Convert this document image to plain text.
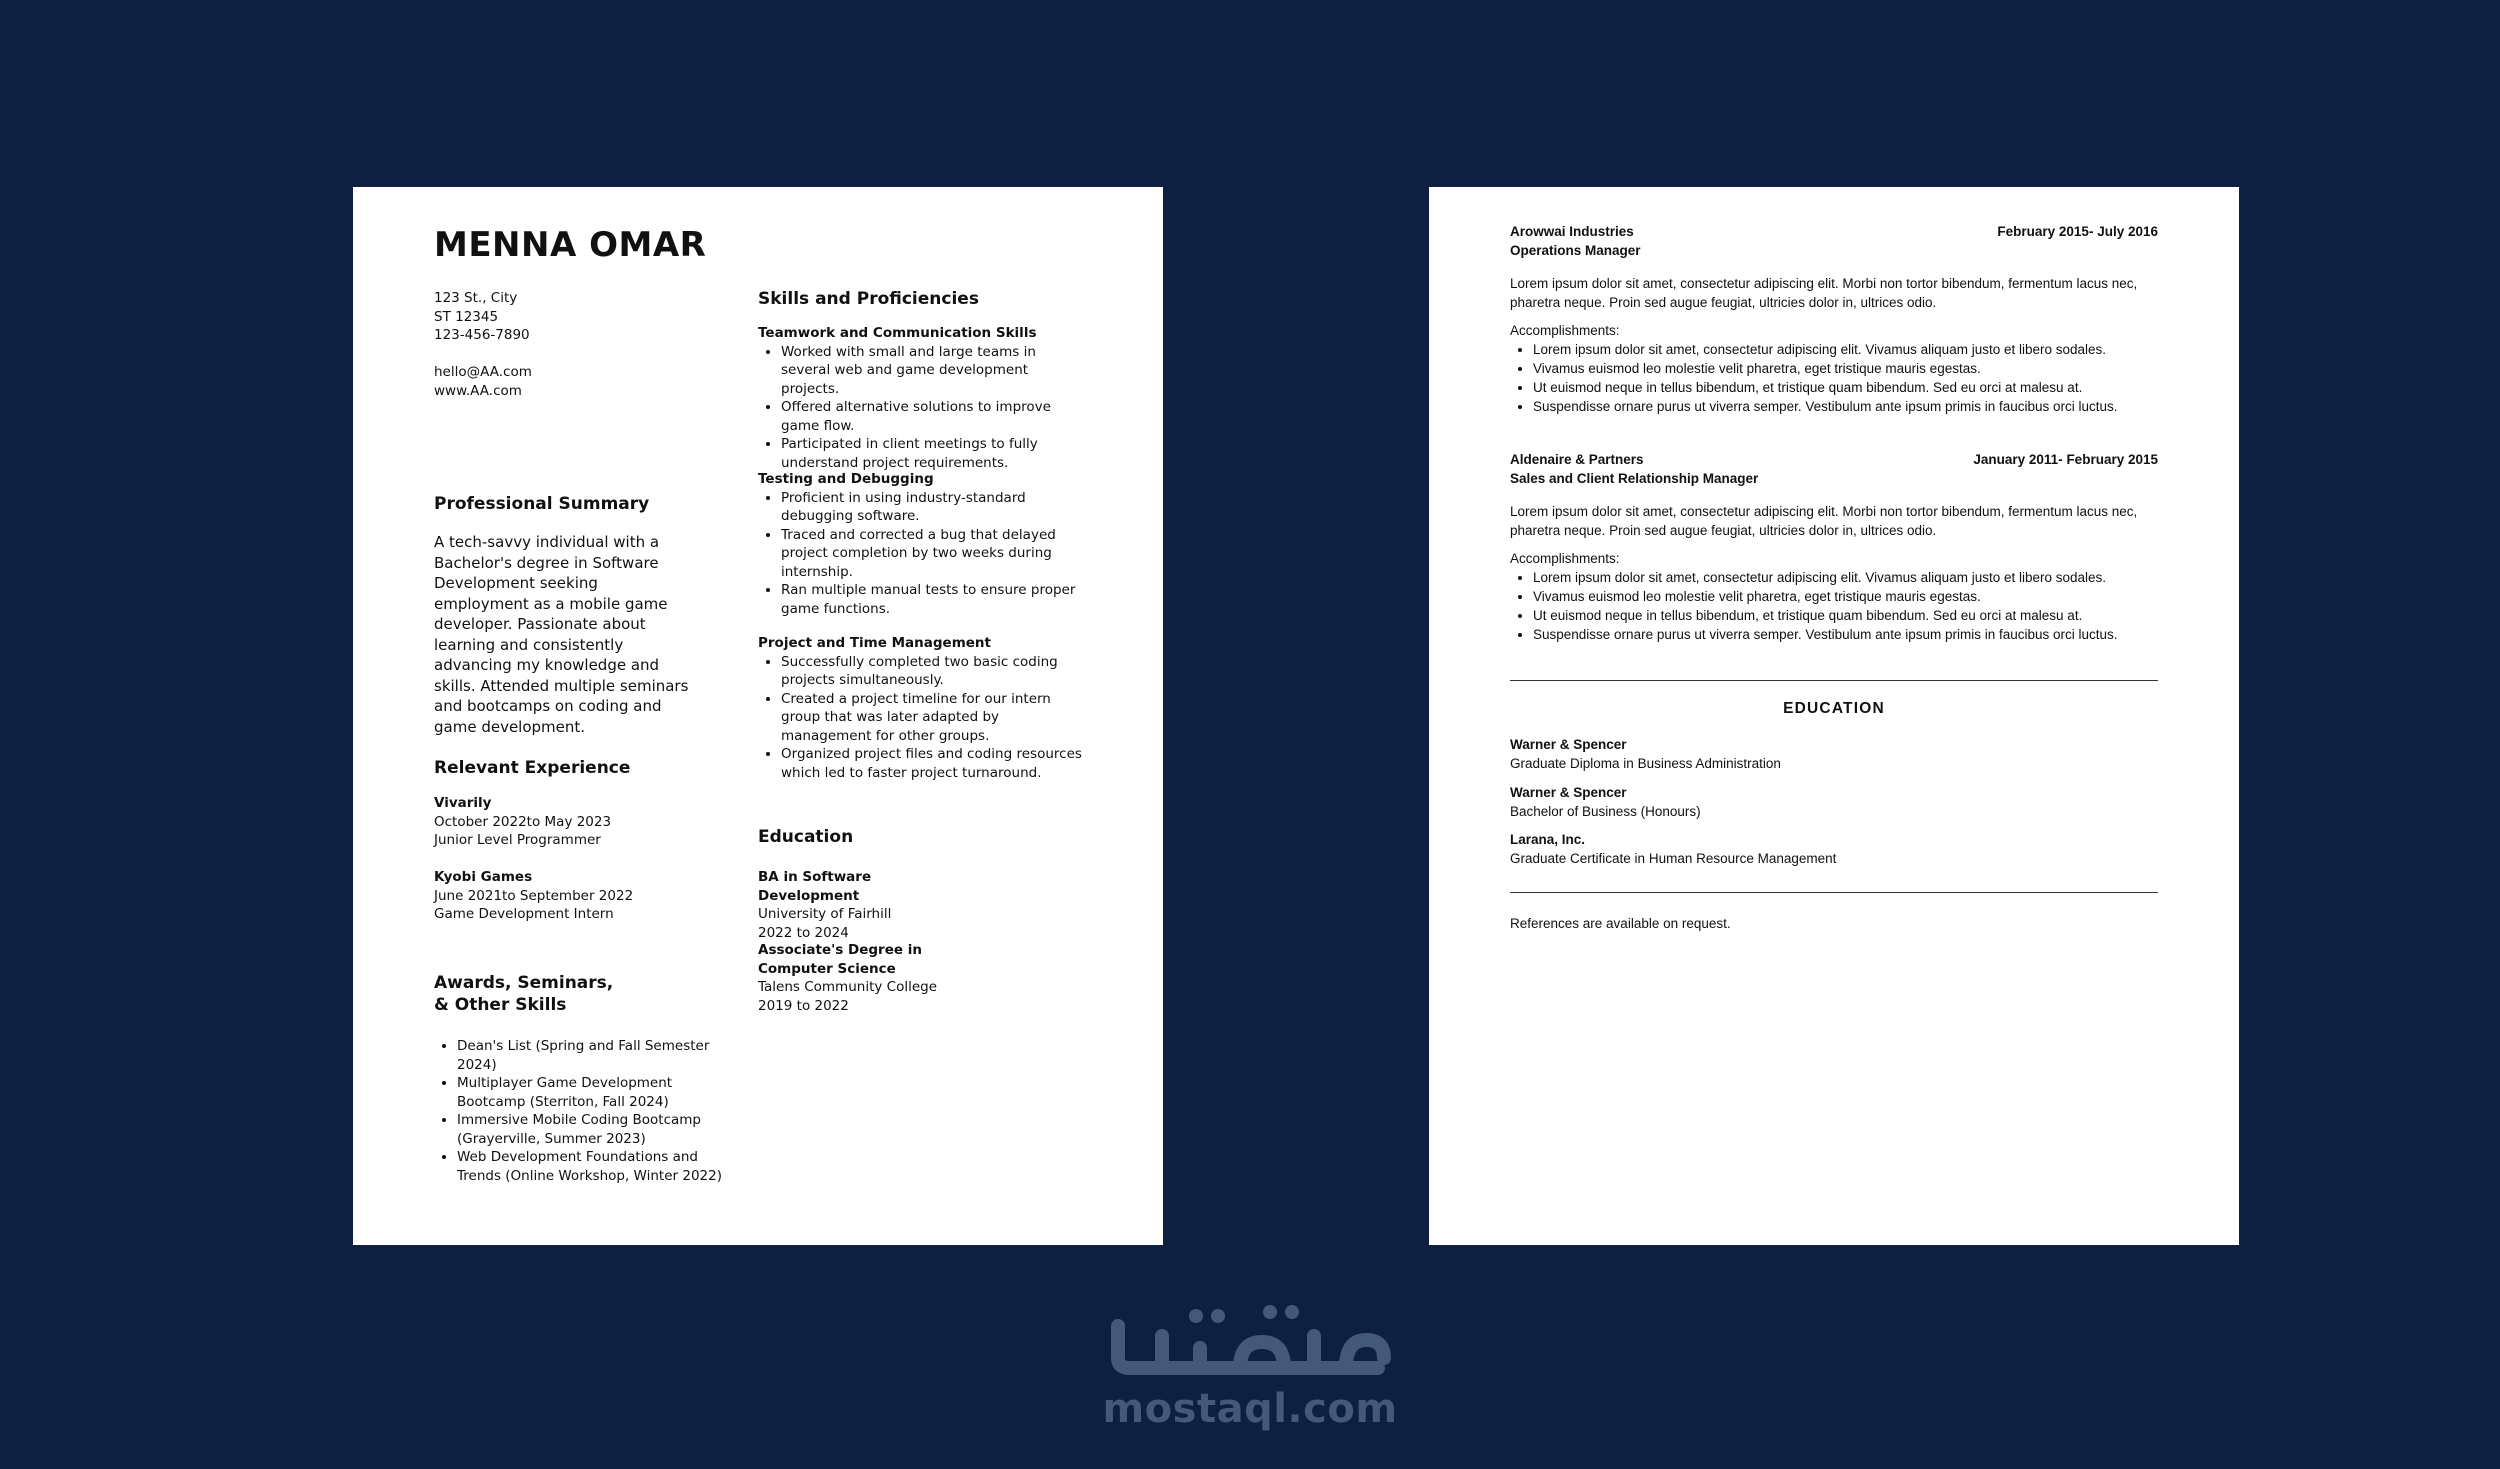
MENNA OMAR
123 St., City
ST 12345
123-456-7890
hello@AA.com
www.AA.com
Professional Summary

A tech-savvy individual with a Bachelor's degree in Software Development seeking employment as a mobile game developer. Passionate about learning and consistently advancing my knowledge and skills. Attended multiple seminars and bootcamps on coding and game development.

Relevant Experience
Vivarily
October 2022to May 2023
Junior Level Programmer
Kyobi Games
June 2021to September 2022
Game Development Intern
Awards, Seminars,
& Other Skills
• Dean's List (Spring and Fall Semester 2024)
• Multiplayer Game Development Bootcamp (Sterriton, Fall 2024)
• Immersive Mobile Coding Bootcamp (Grayerville, Summer 2023)
• Web Development Foundations and Trends (Online Workshop, Winter 2022)
Skills and Proficiencies
Teamwork and Communication Skills
• Worked with small and large teams in several web and game development projects.
• Offered alternative solutions to improve game flow.
• Participated in client meetings to fully understand project requirements.
Testing and Debugging
• Proficient in using industry-standard debugging software.
• Traced and corrected a bug that delayed project completion by two weeks during internship.
• Ran multiple manual tests to ensure proper game functions.
Project and Time Management
• Successfully completed two basic coding projects simultaneously.
• Created a project timeline for our intern group that was later adapted by management for other groups.
• Organized project files and coding resources which led to faster project turnaround.
Education
BA in Software Development
University of Fairhill
2022 to 2024
Associate's Degree in
Computer Science
Talens Community College
2019 to 2022
Arowwai Industries	February 2015- July 2016
Operations Manager
Lorem ipsum dolor sit amet, consectetur adipiscing elit. Morbi non tortor bibendum, fermentum lacus nec, pharetra neque. Proin sed augue feugiat, ultricies dolor in, ultrices odio.
Accomplishments:
• Lorem ipsum dolor sit amet, consectetur adipiscing elit. Vivamus aliquam justo et libero sodales.
• Vivamus euismod leo molestie velit pharetra, eget tristique mauris egestas.
• Ut euismod neque in tellus bibendum, et tristique quam bibendum. Sed eu orci at malesu at.
• Suspendisse ornare purus ut viverra semper. Vestibulum ante ipsum primis in faucibus orci luctus.
Aldenaire & Partners	January 2011- February 2015
Sales and Client Relationship Manager
Lorem ipsum dolor sit amet, consectetur adipiscing elit. Morbi non tortor bibendum, fermentum lacus nec, pharetra neque. Proin sed augue feugiat, ultricies dolor in, ultrices odio.
Accomplishments:
• Lorem ipsum dolor sit amet, consectetur adipiscing elit. Vivamus aliquam justo et libero sodales.
• Vivamus euismod leo molestie velit pharetra, eget tristique mauris egestas.
• Ut euismod neque in tellus bibendum, et tristique quam bibendum. Sed eu orci at malesu at.
• Suspendisse ornare purus ut viverra semper. Vestibulum ante ipsum primis in faucibus orci luctus.
EDUCATION
Warner & Spencer
Graduate Diploma in Business Administration
Warner & Spencer
Bachelor of Business (Honours)
Larana, Inc.
Graduate Certificate in Human Resource Management
References are available on request.
mostaql.com
